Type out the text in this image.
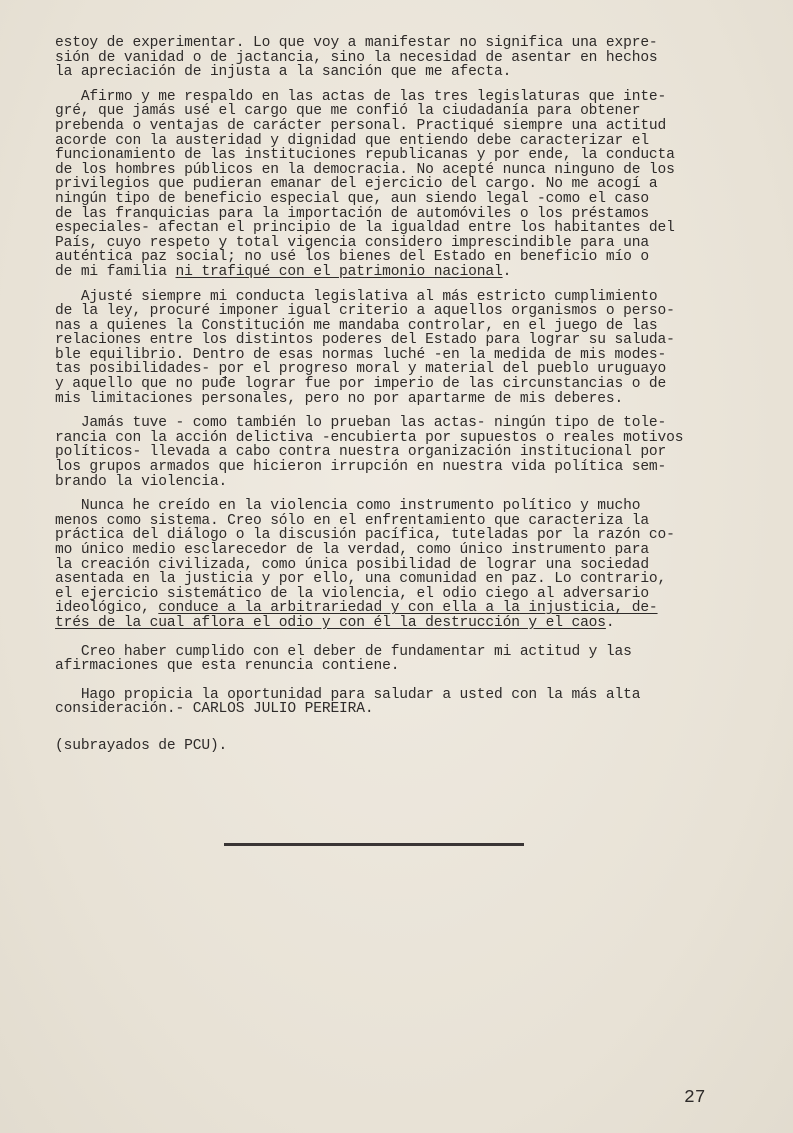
estoy de experimentar. Lo que voy a manifestar no significa una expre-
sión de vanidad o de jactancia, sino la necesidad de asentar en hechos
la apreciación de injusta a la sanción que me afecta.
Afirmo y me respaldo en las actas de las tres legislaturas que inte-
gré, que jamás usé el cargo que me confió la ciudadanía para obtener
prebenda o ventajas de carácter personal. Practiqué siempre una actitud
acorde con la austeridad y dignidad que entiendo debe caracterizar el
funcionamiento de las instituciones republicanas y por ende, la conducta
de los hombres públicos en la democracia. No acepté nunca ninguno de los
privilegios que pudieran emanar del ejercicio del cargo. No me acogí a
ningún tipo de beneficio especial que, aun siendo legal -como el caso
de las franquicias para la importación de automóviles o los préstamos
especiales- afectan el principio de la igualdad entre los habitantes del
País, cuyo respeto y total vigencia considero imprescindible para una
auténtica paz social; no usé los bienes del Estado en beneficio mío o
de mi familia ni trafiqué con el patrimonio nacional.
Ajusté siempre mi conducta legislativa al más estricto cumplimiento
de la ley, procuré imponer igual criterio a aquellos organismos o perso-
nas a quienes la Constitución me mandaba controlar, en el juego de las
relaciones entre los distintos poderes del Estado para lograr su saluda-
ble equilibrio. Dentro de esas normas luché -en la medida de mis modes-
tas posibilidades- por el progreso moral y material del pueblo uruguayo
y aquello que no puđe lograr fue por imperio de las circunstancias o de
mis limitaciones personales, pero no por apartarme de mis deberes.
Jamás tuve - como también lo prueban las actas- ningún tipo de tole-
rancia con la acción delictiva -encubierta por supuestos o reales motivos
políticos- llevada a cabo contra nuestra organización institucional por
los grupos armados que hicieron irrupción en nuestra vida política sem-
brando la violencia.
Nunca he creído en la violencia como instrumento político y mucho
menos como sistema. Creo sólo en el enfrentamiento que caracteriza la
práctica del diálogo o la discusión pacífica, tuteladas por la razón co-
mo único medio esclarecedor de la verdad, como único instrumento para
la creación civilizada, como única posibilidad de lograr una sociedad
asentada en la justicia y por ello, una comunidad en paz. Lo contrario,
el ejercicio sistemático de la violencia, el odio ciego al adversario
ideológico, conduce a la arbitrariedad y con ella a la injusticia, de-
trés de la cual aflora el odio y con él la destrucción y el caos.
Creo haber cumplido con el deber de fundamentar mi actitud y las
afirmaciones que esta renuncia contiene.
Hago propicia la oportunidad para saludar a usted con la más alta
consideración.- CARLOS JULIO PEREIRA.
(subrayados de PCU).
27
